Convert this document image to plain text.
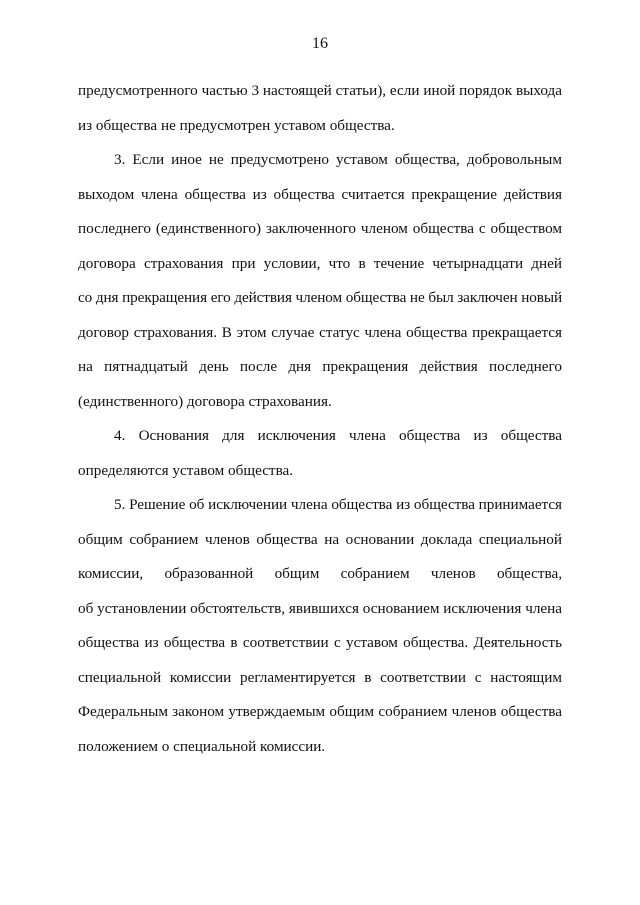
16
предусмотренного частью 3 настоящей статьи), если иной порядок выхода
из общества не предусмотрен уставом общества.
3. Если иное не предусмотрено уставом общества, добровольным
выходом члена общества из общества считается прекращение действия
последнего (единственного) заключенного членом общества с обществом
договора страхования при условии, что в течение четырнадцати дней
со дня прекращения его действия членом общества не был заключен новый
договор страхования. В этом случае статус члена общества прекращается
на пятнадцатый день после дня прекращения действия последнего
(единственного) договора страхования.
4. Основания для исключения члена общества из общества
определяются уставом общества.
5. Решение об исключении члена общества из общества принимается
общим собранием членов общества на основании доклада специальной
комиссии, образованной общим собранием членов общества,
об установлении обстоятельств, явившихся основанием исключения члена
общества из общества в соответствии с уставом общества. Деятельность
специальной комиссии регламентируется в соответствии с настоящим
Федеральным законом утверждаемым общим собранием членов общества
положением о специальной комиссии.
